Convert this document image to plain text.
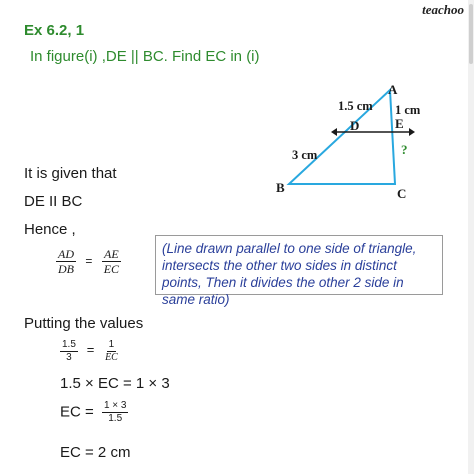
teachoo
Ex 6.2, 1
In figure(i) ,DE || BC. Find EC in (i)
A
B	C
D	E
1.5 cm 1 cm
3 cm	?
It is given that
DE II BC
Hence ,
$\frac{AD}{DB} = \frac{AE}{EC}$	(Line drawn parallel to one side of triangle, intersects the other two sides in distinct points, Then it divides the other 2 side in same ratio)
Putting the values
$\frac{1.5}{3} = \frac{1}{EC}$
1.5 × EC = 1 × 3
EC = $\frac{1 \times 3}{1.5}$
EC = 2 cm
